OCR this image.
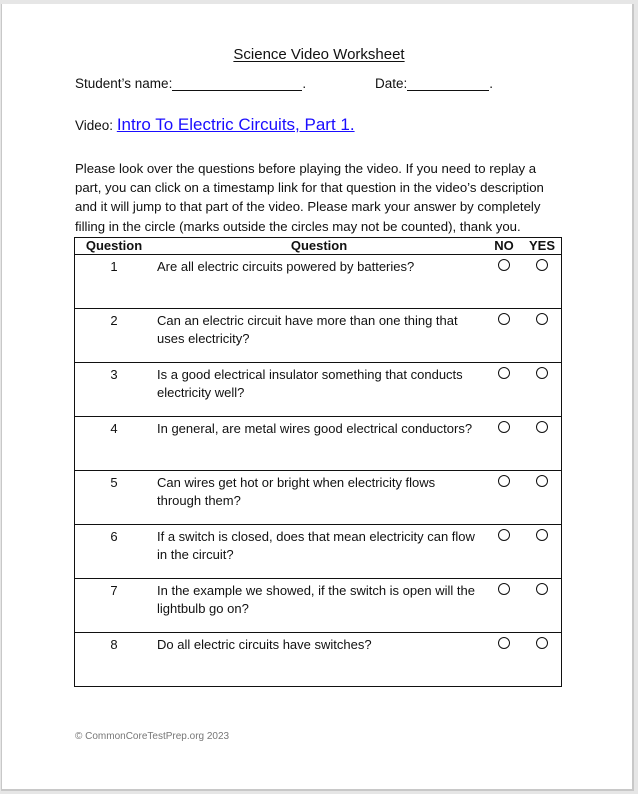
Science Video Worksheet
Student’s name:	.	Date:	.
Video: Intro To Electric Circuits, Part 1.
Please look over the questions before playing the video. If you need to replay a part, you can click on a timestamp link for that question in the video’s description and it will jump to that part of the video. Please mark your answer by completely filling in the circle (marks outside the circles may not be counted), thank you.
Question	Question	NO	YES

1	Are all electric circuits powered by batteries?		

2	Can an electric circuit have more than one thing that uses electricity?		

3	Is a good electrical insulator something that conducts electricity well?		

4	In general, are metal wires good electrical conductors?		

5	Can wires get hot or bright when electricity flows through them?		

6	If a switch is closed, does that mean electricity can flow in the circuit?		

7	In the example we showed, if the switch is open will the lightbulb go on?		

8	Do all electric circuits have switches?		

© CommonCoreTestPrep.org 2023
